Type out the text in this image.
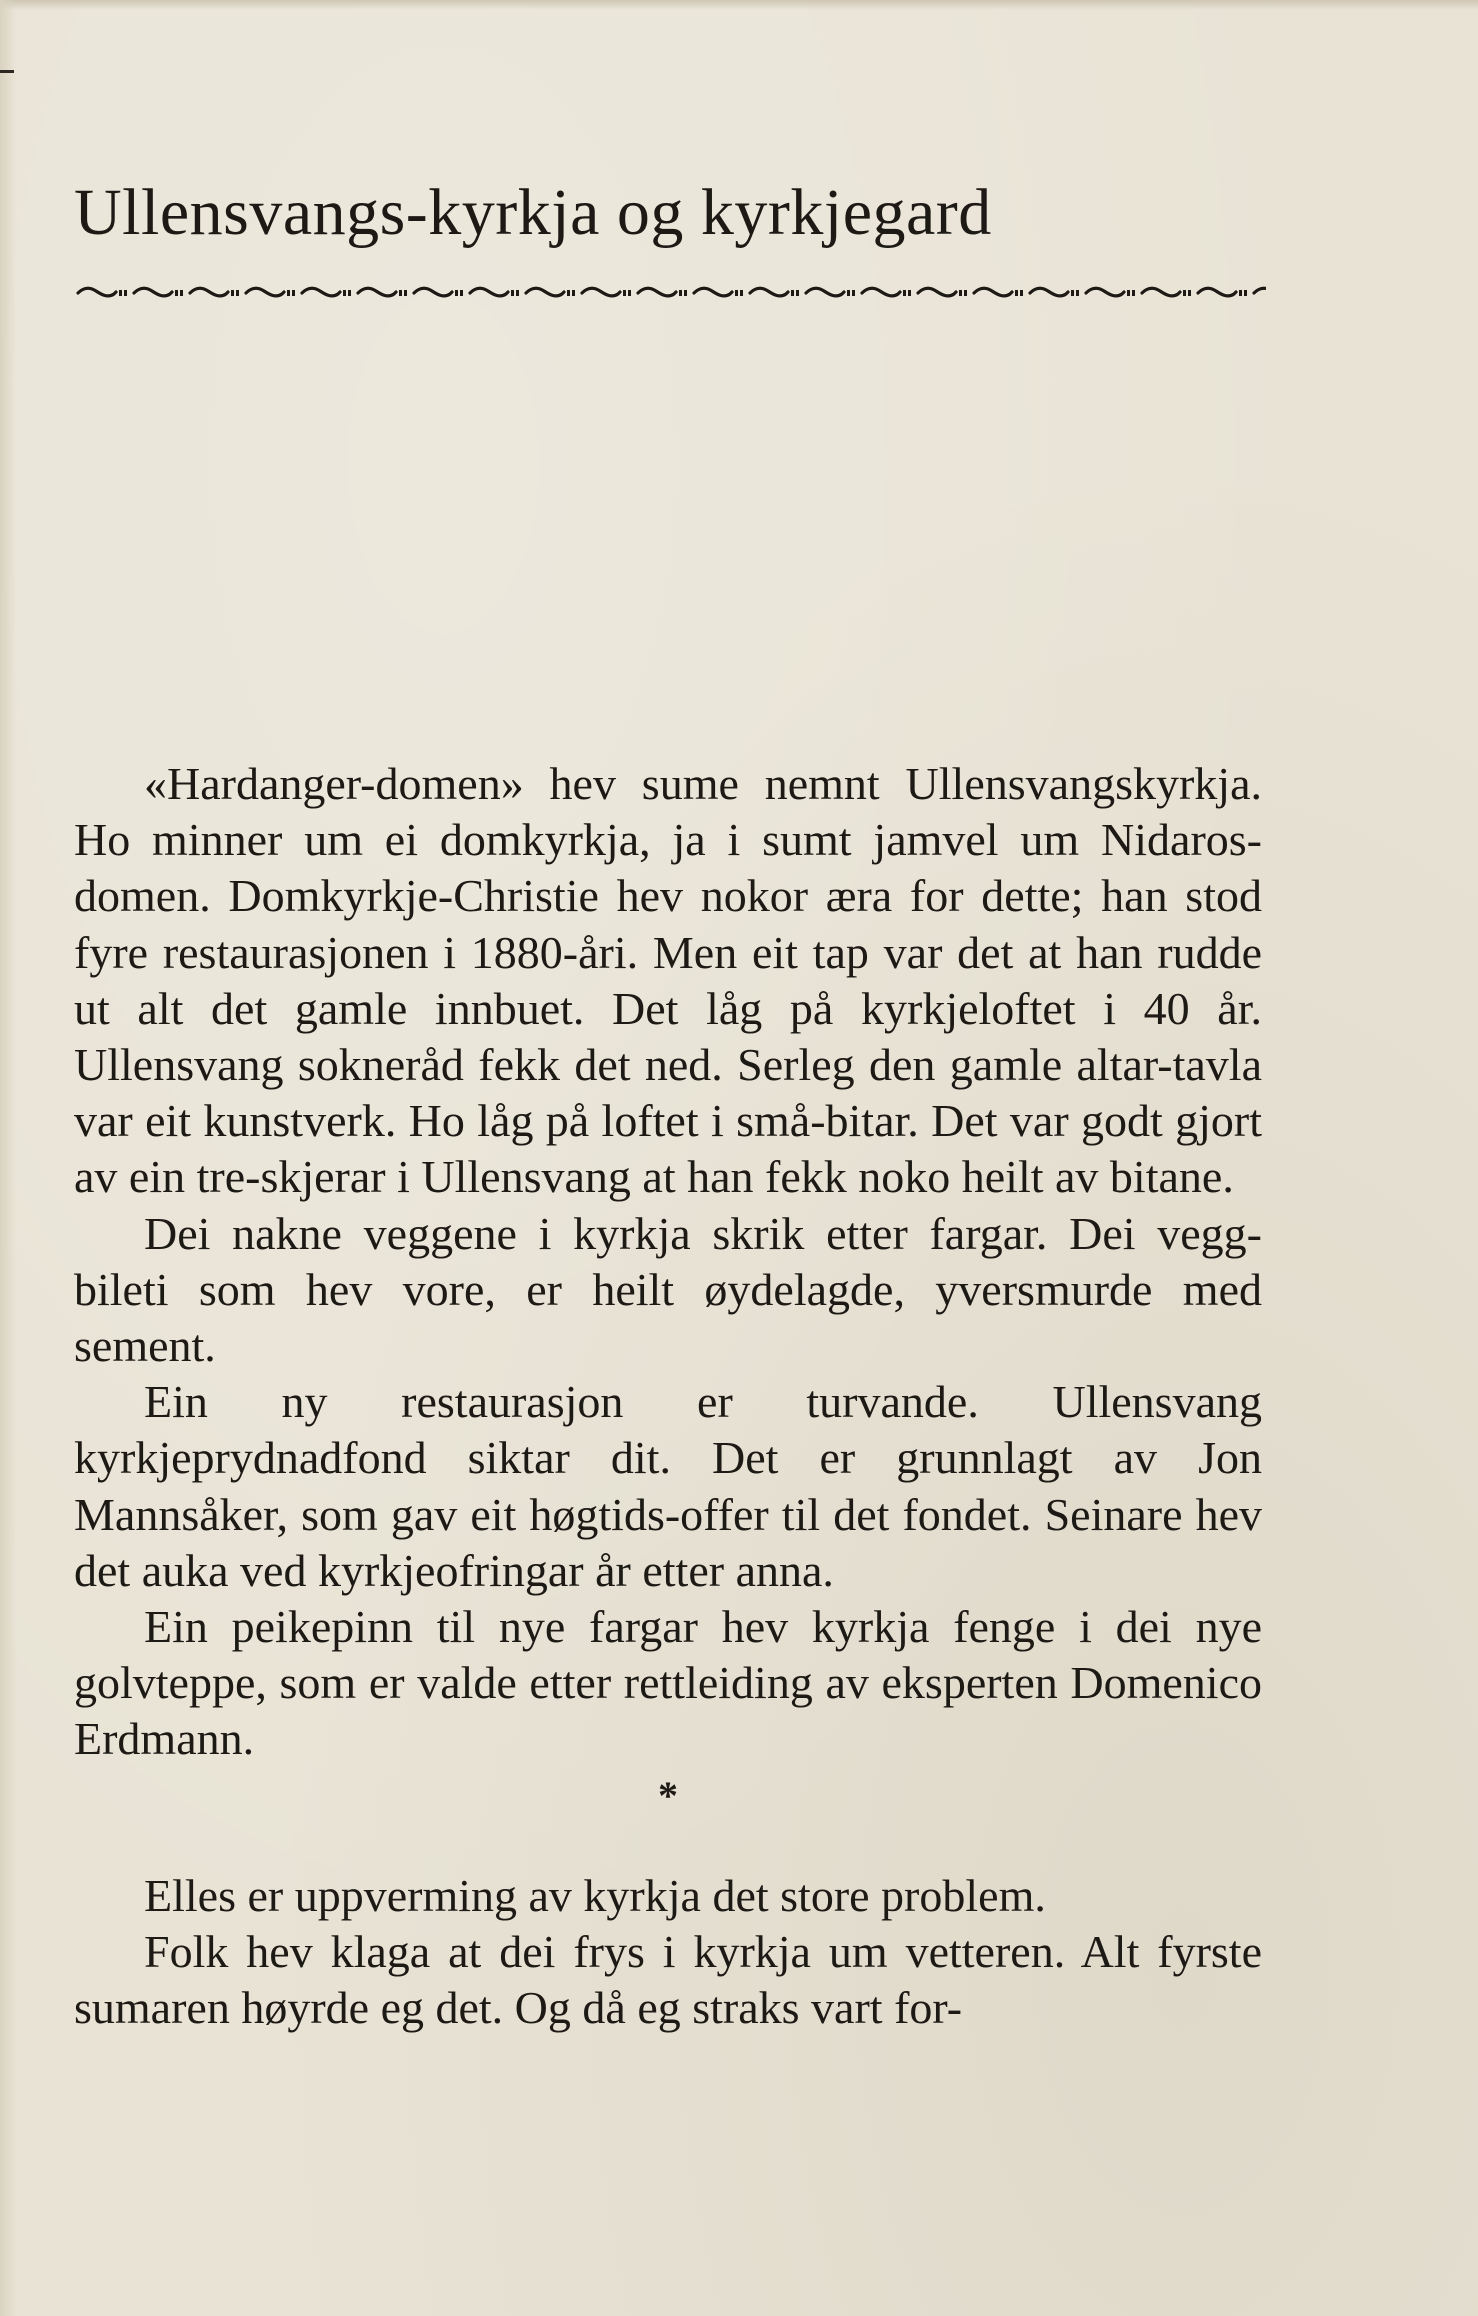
Ullensvangs-kyrkja og kyrkjegard

«Hardanger-domen» hev sume nemnt Ullensvangskyrkja. Ho minner um ei domkyrkja, ja i sumt jamvel um Nidaros-domen. Domkyrkje-Christie hev nokor æra for dette; han stod fyre restaurasjonen i 1880-åri. Men eit tap var det at han rudde ut alt det gamle innbuet. Det låg på kyrkjeloftet i 40 år. Ullensvang sokneråd fekk det ned. Serleg den gamle altar-tavla var eit kunstverk. Ho låg på loftet i små-bitar. Det var godt gjort av ein tre-skjerar i Ullensvang at han fekk noko heilt av bitane.

Dei nakne veggene i kyrkja skrik etter fargar. Dei vegg-bileti som hev vore, er heilt øydelagde, yversmurde med sement.

Ein ny restaurasjon er turvande. Ullensvang kyrkjeprydnadfond siktar dit. Det er grunnlagt av Jon Mannsåker, som gav eit høgtids-offer til det fondet. Seinare hev det auka ved kyrkjeofringar år etter anna.

Ein peikepinn til nye fargar hev kyrkja fenge i dei nye golvteppe, som er valde etter rettleiding av eksperten Domenico Erdmann.

*

Elles er uppverming av kyrkja det store problem.

Folk hev klaga at dei frys i kyrkja um vetteren. Alt fyrste sumaren høyrde eg det. Og då eg straks vart for-
